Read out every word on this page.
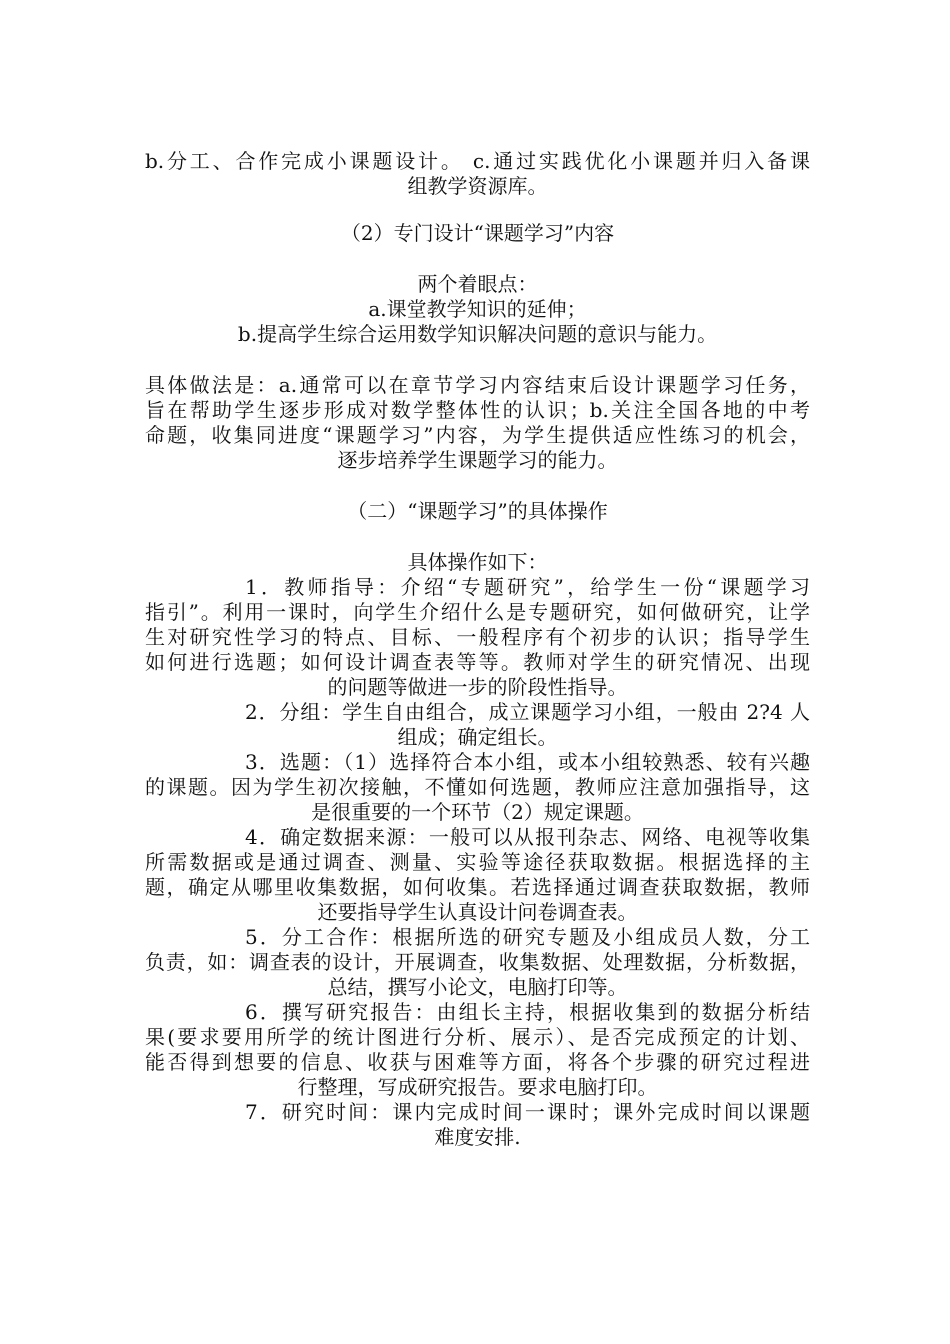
b.分工、合作完成小课题设计。 c.通过实践优化小课题并归入备课
组教学资源库。
（2）专门设计“课题学习”内容
两个着眼点：
a.课堂教学知识的延伸；
b.提高学生综合运用数学知识解决问题的意识与能力。
具体做法是：a.通常可以在章节学习内容结束后设计课题学习任务，
旨在帮助学生逐步形成对数学整体性的认识；b.关注全国各地的中考
命题，收集同进度“课题学习”内容，为学生提供适应性练习的机会，
逐步培养学生课题学习的能力。
（二）“课题学习”的具体操作
具体操作如下：
1．教师指导：介绍“专题研究”，给学生一份“课题学习
指引”。利用一课时，向学生介绍什么是专题研究，如何做研究，让学
生对研究性学习的特点、目标、一般程序有个初步的认识；指导学生
如何进行选题；如何设计调查表等等。教师对学生的研究情况、出现
的问题等做进一步的阶段性指导。
2．分组：学生自由组合，成立课题学习小组，一般由 2?4 人
组成；确定组长。
3．选题：（1）选择符合本小组，或本小组较熟悉、较有兴趣
的课题。因为学生初次接触，不懂如何选题，教师应注意加强指导，这
是很重要的一个环节（2）规定课题。
4．确定数据来源：一般可以从报刊杂志、网络、电视等收集
所需数据或是通过调查、测量、实验等途径获取数据。根据选择的主
题，确定从哪里收集数据，如何收集。若选择通过调查获取数据，教师
还要指导学生认真设计问卷调查表。
5．分工合作：根据所选的研究专题及小组成员人数，分工
负责，如：调查表的设计，开展调查，收集数据、处理数据，分析数据，
总结，撰写小论文，电脑打印等。
6．撰写研究报告：由组长主持，根据收集到的数据分析结
果(要求要用所学的统计图进行分析、展示）、是否完成预定的计划、
能否得到想要的信息、收获与困难等方面，将各个步骤的研究过程进
行整理，写成研究报告。要求电脑打印。
7．研究时间：课内完成时间一课时；课外完成时间以课题
难度安排.
